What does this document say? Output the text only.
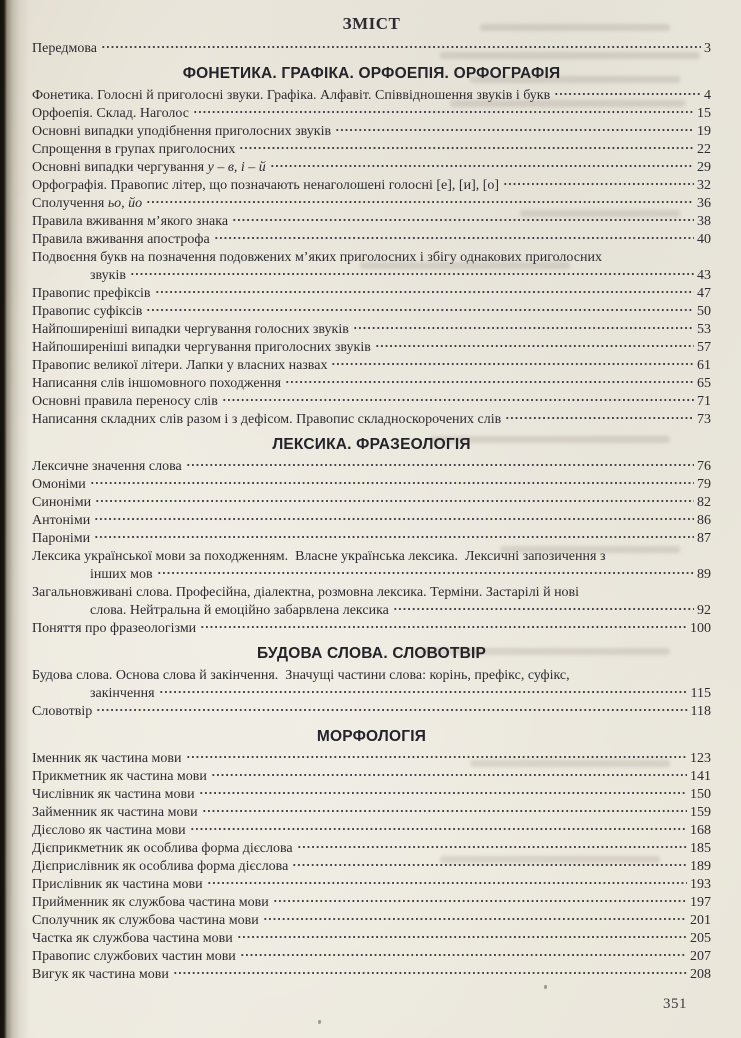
ЗМІСТ
Передмова	3
ФОНЕТИКА. ГРАФІКА. ОРФОЕПІЯ. ОРФОГРАФІЯ
Фонетика. Голосні й приголосні звуки. Графіка. Алфавіт. Співвідношення звуків і букв	4
Орфоепія. Склад. Наголос	15
Основні випадки уподібнення приголосних звуків	19
Спрощення в групах приголосних	22
Основні випадки чергування у – в, і – й	29
Орфографія. Правопис літер, що позначають ненаголошені голосні [е], [и], [о]	32
Сполучення ьо, йо	36
Правила вживання м’якого знака	38
Правила вживання апострофа	40
Подвоєння букв на позначення подовжених м’яких приголосних і збігу однакових приголосних
звуків	43
Правопис префіксів	47
Правопис суфіксів	50
Найпоширеніші випадки чергування голосних звуків	53
Найпоширеніші випадки чергування приголосних звуків	57
Правопис великої літери. Лапки у власних назвах	61
Написання слів іншомовного походження	65
Основні правила переносу слів	71
Написання складних слів разом і з дефісом. Правопис складноскорочених слів	73
ЛЕКСИКА. ФРАЗЕОЛОГІЯ
Лексичне значення слова	76
Омоніми	79
Синоніми	82
Антоніми	86
Пароніми	87
Лексика української мови за походженням.  Власне українська лексика.  Лексичні запозичення з
інших мов	89
Загальновживані слова. Професійна, діалектна, розмовна лексика. Терміни. Застарілі й нові
слова. Нейтральна й емоційно забарвлена лексика	92
Поняття про фразеологізми	100
БУДОВА СЛОВА. СЛОВОТВІР
Будова слова. Основа слова й закінчення.  Значущі частини слова: корінь, префікс, суфікс,
закінчення	115
Словотвір	118
МОРФОЛОГІЯ
Іменник як частина мови	123
Прикметник як частина мови	141
Числівник як частина мови	150
Займенник як частина мови	159
Дієслово як частина мови	168
Дієприкметник як особлива форма дієслова	185
Дієприслівник як особлива форма дієслова	189
Прислівник як частина мови	193
Прийменник як службова частина мови	197
Сполучник як службова частина мови	201
Частка як службова частина мови	205
Правопис службових частин мови	207
Вигук як частина мови	208
351
